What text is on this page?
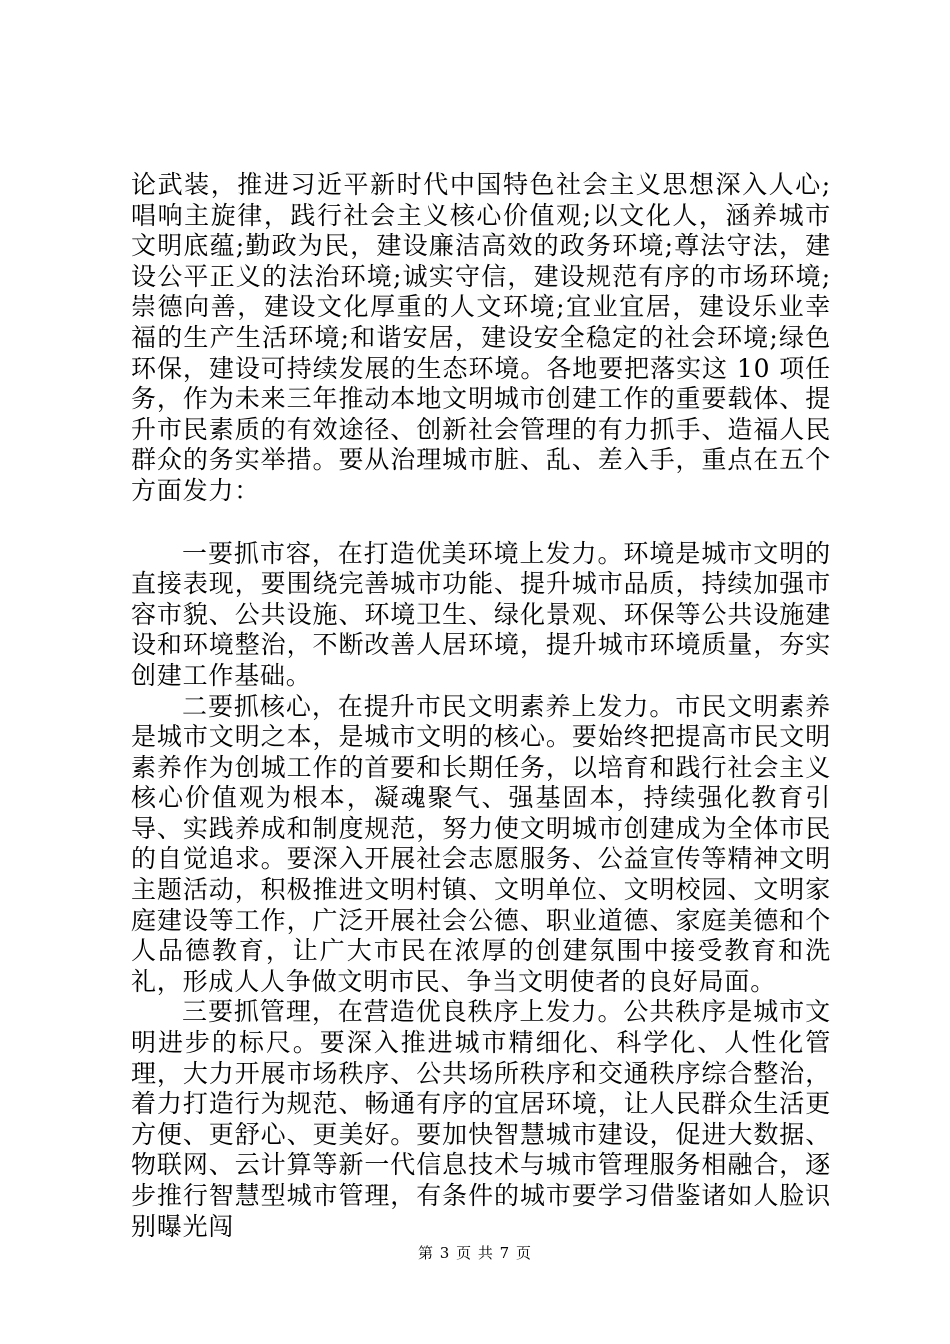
论武装，推进习近平新时代中国特色社会主义思想深入人心;唱响主旋律，践行社会主义核心价值观;以文化人，涵养城市文明底蕴;勤政为民，建设廉洁高效的政务环境;尊法守法，建设公平正义的法治环境;诚实守信，建设规范有序的市场环境;崇德向善，建设文化厚重的人文环境;宜业宜居，建设乐业幸福的生产生活环境;和谐安居，建设安全稳定的社会环境;绿色环保，建设可持续发展的生态环境。各地要把落实这 10 项任务，作为未来三年推动本地文明城市创建工作的重要载体、提升市民素质的有效途径、创新社会管理的有力抓手、造福人民群众的务实举措。要从治理城市脏、乱、差入手，重点在五个方面发力：

一要抓市容，在打造优美环境上发力。环境是城市文明的直接表现，要围绕完善城市功能、提升城市品质，持续加强市容市貌、公共设施、环境卫生、绿化景观、环保等公共设施建设和环境整治，不断改善人居环境，提升城市环境质量，夯实创建工作基础。

二要抓核心，在提升市民文明素养上发力。市民文明素养是城市文明之本，是城市文明的核心。要始终把提高市民文明素养作为创城工作的首要和长期任务，以培育和践行社会主义核心价值观为根本，凝魂聚气、强基固本，持续强化教育引导、实践养成和制度规范，努力使文明城市创建成为全体市民的自觉追求。要深入开展社会志愿服务、公益宣传等精神文明主题活动，积极推进文明村镇、文明单位、文明校园、文明家庭建设等工作，广泛开展社会公德、职业道德、家庭美德和个人品德教育，让广大市民在浓厚的创建氛围中接受教育和洗礼，形成人人争做文明市民、争当文明使者的良好局面。

三要抓管理，在营造优良秩序上发力。公共秩序是城市文明进步的标尺。要深入推进城市精细化、科学化、人性化管理，大力开展市场秩序、公共场所秩序和交通秩序综合整治，着力打造行为规范、畅通有序的宜居环境，让人民群众生活更方便、更舒心、更美好。要加快智慧城市建设，促进大数据、物联网、云计算等新一代信息技术与城市管理服务相融合，逐步推行智慧型城市管理，有条件的城市要学习借鉴诸如人脸识别曝光闯

第 3 页 共 7 页
